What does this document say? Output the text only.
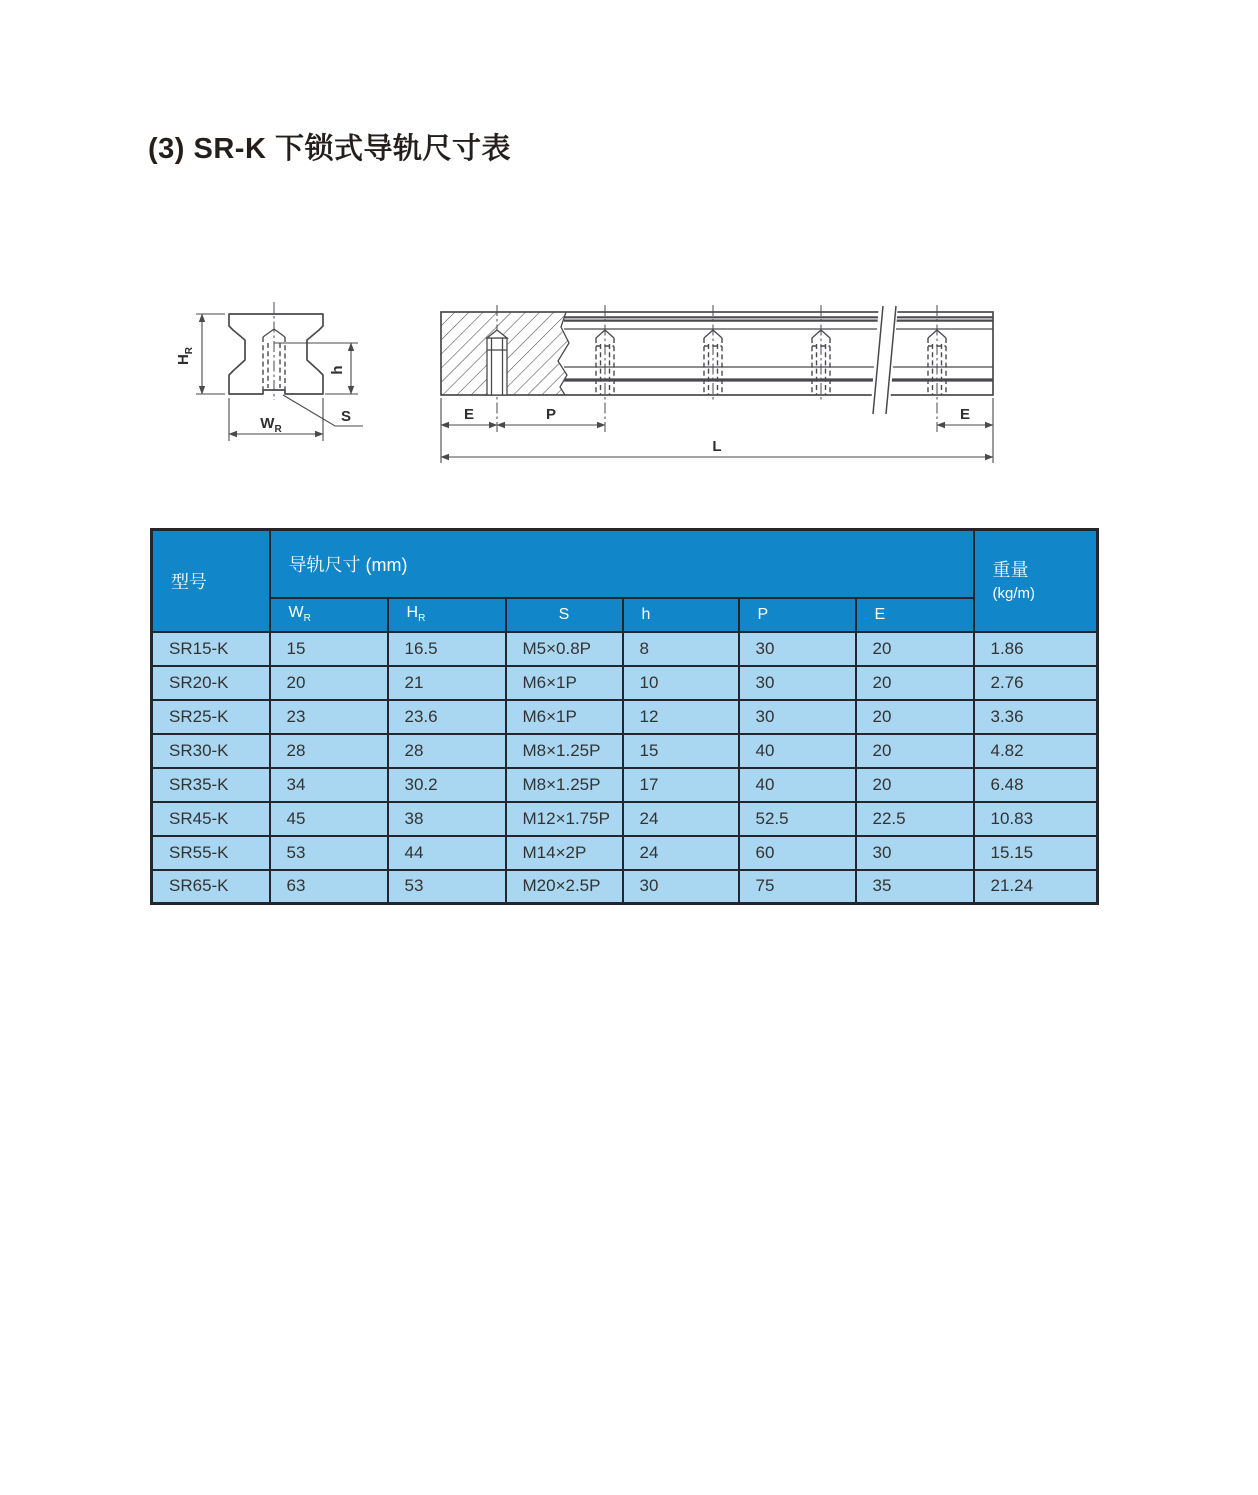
(3) SR-K 下锁式导轨尺寸表
$H_R$
h
$W_R$
S	E	P	E
L
型号	导轨尺寸 (mm)						重量
(kg/m)

	$W_R$	$H_R$	S	h	P	E	
SR15-K	15	16.5	M5×0.8P	8	30	20	1.86
SR20-K	20	21	M6×1P	10	30	20	2.76
SR25-K	23	23.6	M6×1P	12	30	20	3.36
SR30-K	28	28	M8×1.25P	15	40	20	4.82
SR35-K	34	30.2	M8×1.25P	17	40	20	6.48
SR45-K	45	38	M12×1.75P	24	52.5	22.5	10.83
SR55-K	53	44	M14×2P	24	60	30	15.15
SR65-K	63	53	M20×2.5P	30	75	35	21.24
